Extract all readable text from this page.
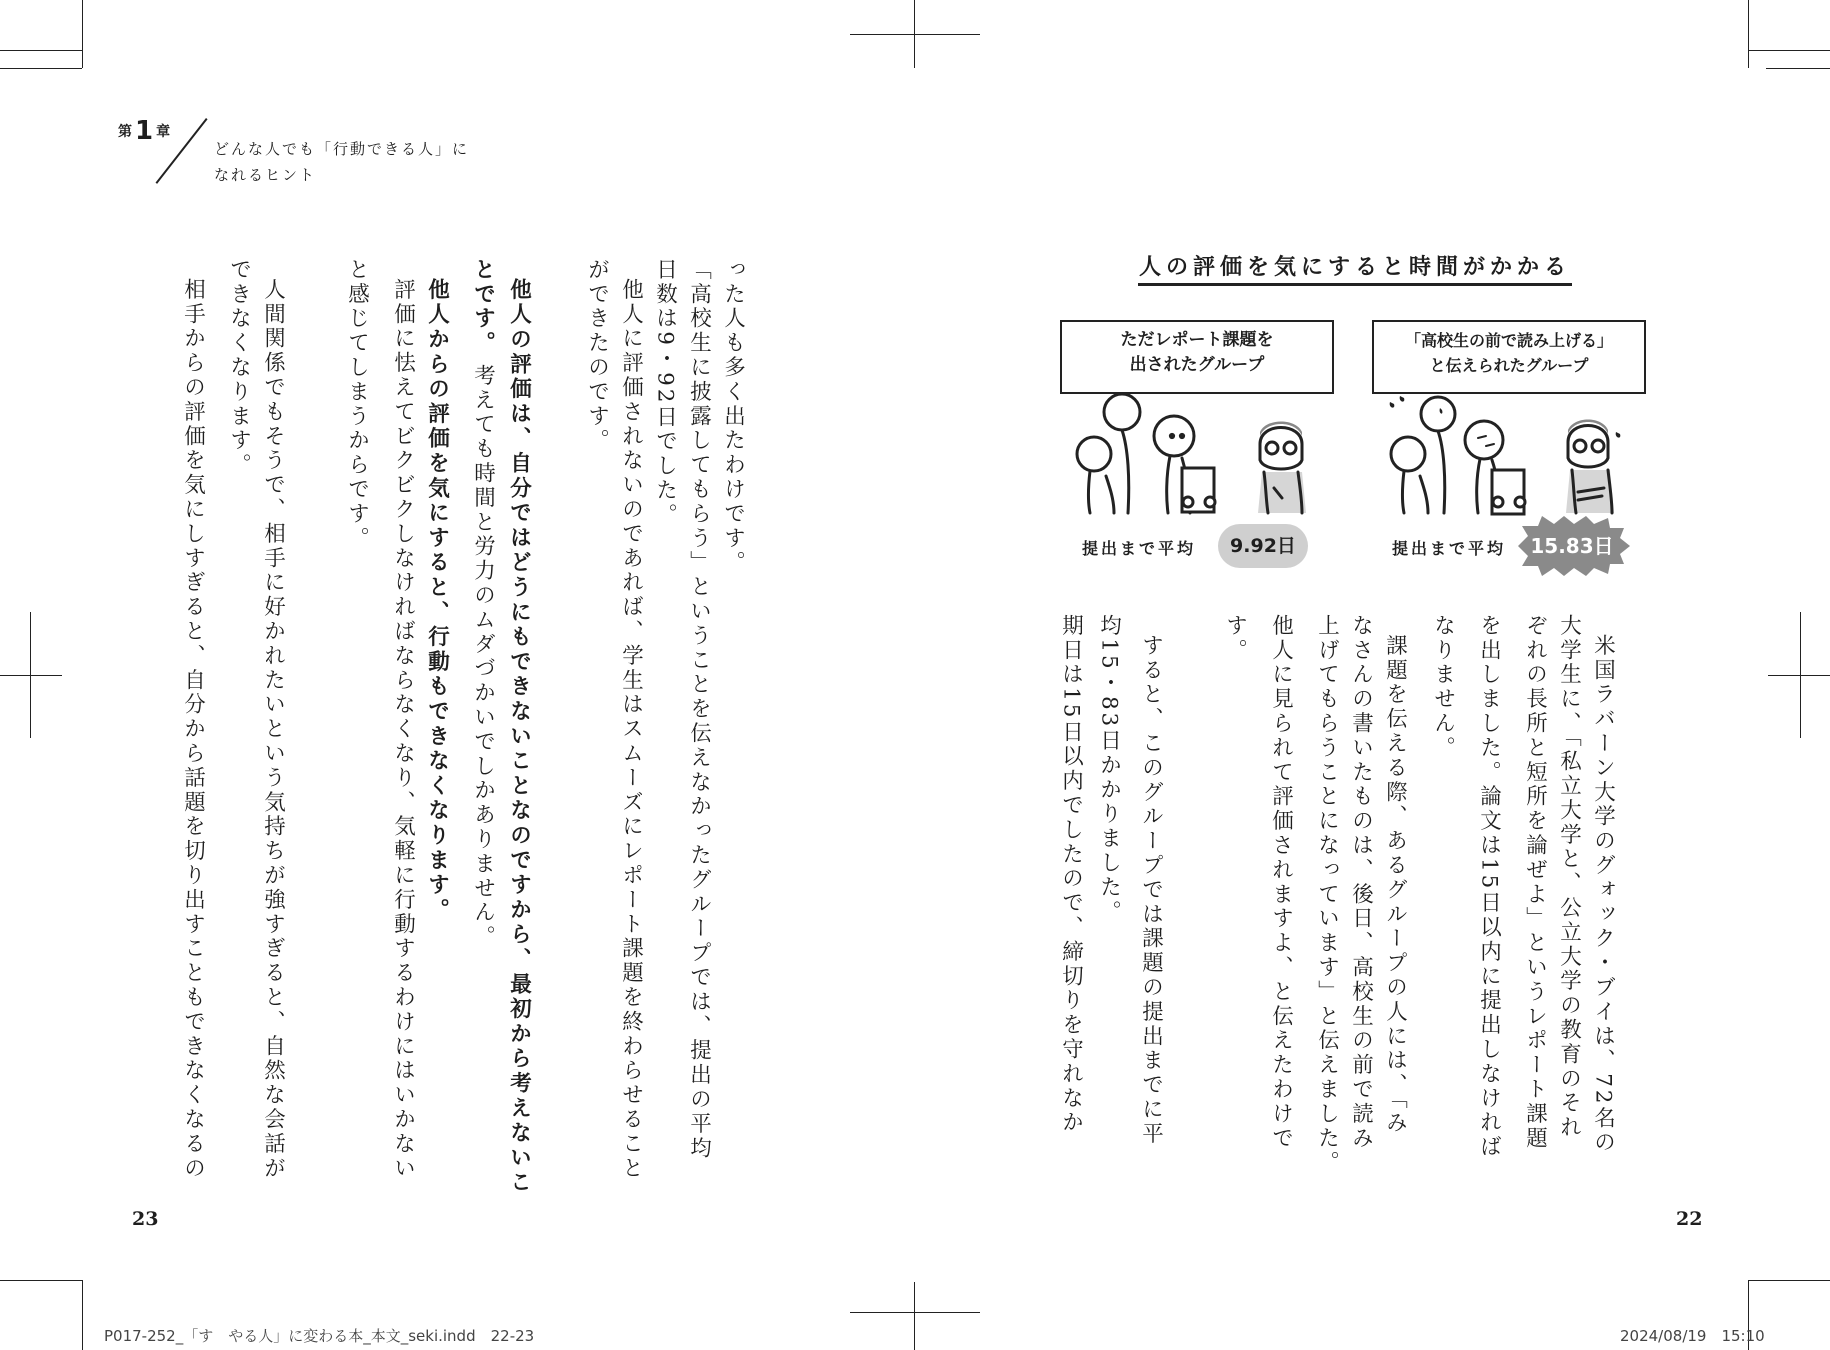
第 1 章
どんな人でも「行動できる人」に
なれるヒント
った人も多く出たわけです。
「高校生に披露してもらう」ということを伝えなかったグループでは、提出の平均
日数は9・92日でした。
他人に評価されないのであれば、学生はスムーズにレポート課題を終わらせること
ができたのです。
他人の評価は、自分ではどうにもできないことなのですから、最初から考えないこ
とです。考えても時間と労力のムダづかいでしかありません。
他人からの評価を気にすると、行動もできなくなります。
評価に怯えてビクビクしなければならなくなり、気軽に行動するわけにはいかない
と感じてしまうからです。
人間関係でもそうで、相手に好かれたいという気持ちが強すぎると、自然な会話が
できなくなります。
相手からの評価を気にしすぎると、自分から話題を切り出すこともできなくなるの
23
人の評価を気にすると時間がかかる
ただレポート課題を
出されたグループ
「高校生の前で読み上げる」
と伝えられたグループ
提出まで平均	9.92日	提出まで平均	15.83日
米国ラバーン大学のグォック・ブイは、72名の
大学生に、「私立大学と、公立大学の教育のそれ
ぞれの長所と短所を論ぜよ」というレポート課題
を出しました。論文は15日以内に提出しなければ
なりません。
課題を伝える際、あるグループの人には、「み
なさんの書いたものは、後日、高校生の前で読み
上げてもらうことになっています」と伝えました。
他人に見られて評価されますよ、と伝えたわけで
す。
すると、このグループでは課題の提出までに平
均15・83日かかりました。
期日は15日以内でしたので、締切りを守れなか
22
P017-252_「す　やる人」に変わる本_本文_seki.indd　22-23	2024/08/19　15:10
